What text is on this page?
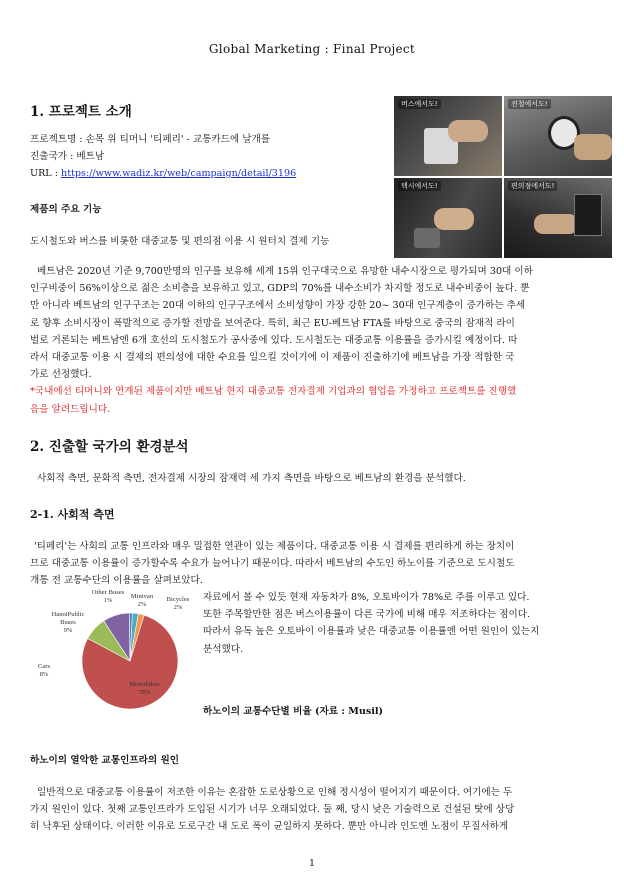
Global Marketing : Final Project
1. 프로젝트 소개
프로젝트명 : 손목 위 티머니 '티페리' - 교통카드에 날개를
진출국가 : 베트남
URL : https://www.wadiz.kr/web/campaign/detail/3196
제품의 주요 기능
도시철도와 버스를 비롯한 대중교통 및 편의점 이용 시 원터치 결제 기능
버스에서도!	전철에서도!
택시에서도!	편의점에서도!
베트남은 2020년 기준 9,700만명의 인구를 보유해 세계 15위 인구대국으로 유망한 내수시장으로 평가되며 30대 이하
인구비중이 56%이상으로 젊은 소비층을 보유하고 있고, GDP의 70%를 내수소비가 차지할 정도로 내수비중이 높다. 뿐
만 아니라 베트남의 인구구조는 20대 이하의 인구구조에서 소비성향이 가장 강한 20~ 30대 인구계층이 증가하는 추세
로 향후 소비시장이 폭발적으로 증가할 전망을 보여준다. 특히, 최근 EU-베트남 FTA를 바탕으로 중국의 잠재적 라이
벌로 거론되는 베트남엔 6개 호선의 도시철도가 공사중에 있다. 도시철도는 대중교통 이용률을 증가시킬 예정이다. 따
라서 대중교통 이용 시 결제의 편의성에 대한 수요를 일으킬 것이기에 이 제품이 진출하기에 베트남을 가장 적합한 국
가로 선정했다.
*국내에선 티머니와 연계된 제품이지만 베트남 현지 대중교통 전자결제 기업과의 협업을 가정하고 프로젝트를 진행했
음을 알려드립니다.
2. 진출할 국가의 환경분석
사회적 측면, 문화적 측면, 전자결제 시장의 잠재력 세 가지 측면을 바탕으로 베트남의 환경을 분석했다.
2-1. 사회적 측면
'티페리'는 사회의 교통 인프라와 매우 밀접한 연관이 있는 제품이다. 대중교통 이용 시 결제를 편리하게 하는 장치이
므로 대중교통 이용률이 증가할수록 수요가 늘어나기 때문이다. 따라서 베트남의 수도인 하노이를 기준으로 도시철도
개통 전 교통수단의 이용률을 살펴보았다.
Motorbikes
78%
Cars
8%
HanoiPublic Buses
9%
Other Buses
1%
Minivan
2%
Bicycles
2%
자료에서 볼 수 있듯 현재 자동차가 8%, 오토바이가 78%로 주를 이루고 있다.
또한 주목할만한 점은 버스이용률이 다른 국가에 비해 매우 저조하다는 점이다.
따라서 유독 높은 오토바이 이용률과 낮은 대중교통 이용률엔 어떤 원인이 있는지
분석했다.
하노이의 교통수단별 비율 (자료 : Musil)
하노이의 열악한 교통인프라의 원인
일반적으로 대중교통 이용률이 저조한 이유는 혼잡한 도로상황으로 인해 정시성이 떨어지기 때문이다. 여기에는 두
가지 원인이 있다. 첫째 교통인프라가 도입된 시기가 너무 오래되었다. 둘 째, 당시 낮은 기술력으로 건설된 탓에 상당
히 낙후된 상태이다. 이러한 이유로 도로구간 내 도로 폭이 균일하지 못하다. 뿐만 아니라 인도엔 노점이 무질서하게
1
